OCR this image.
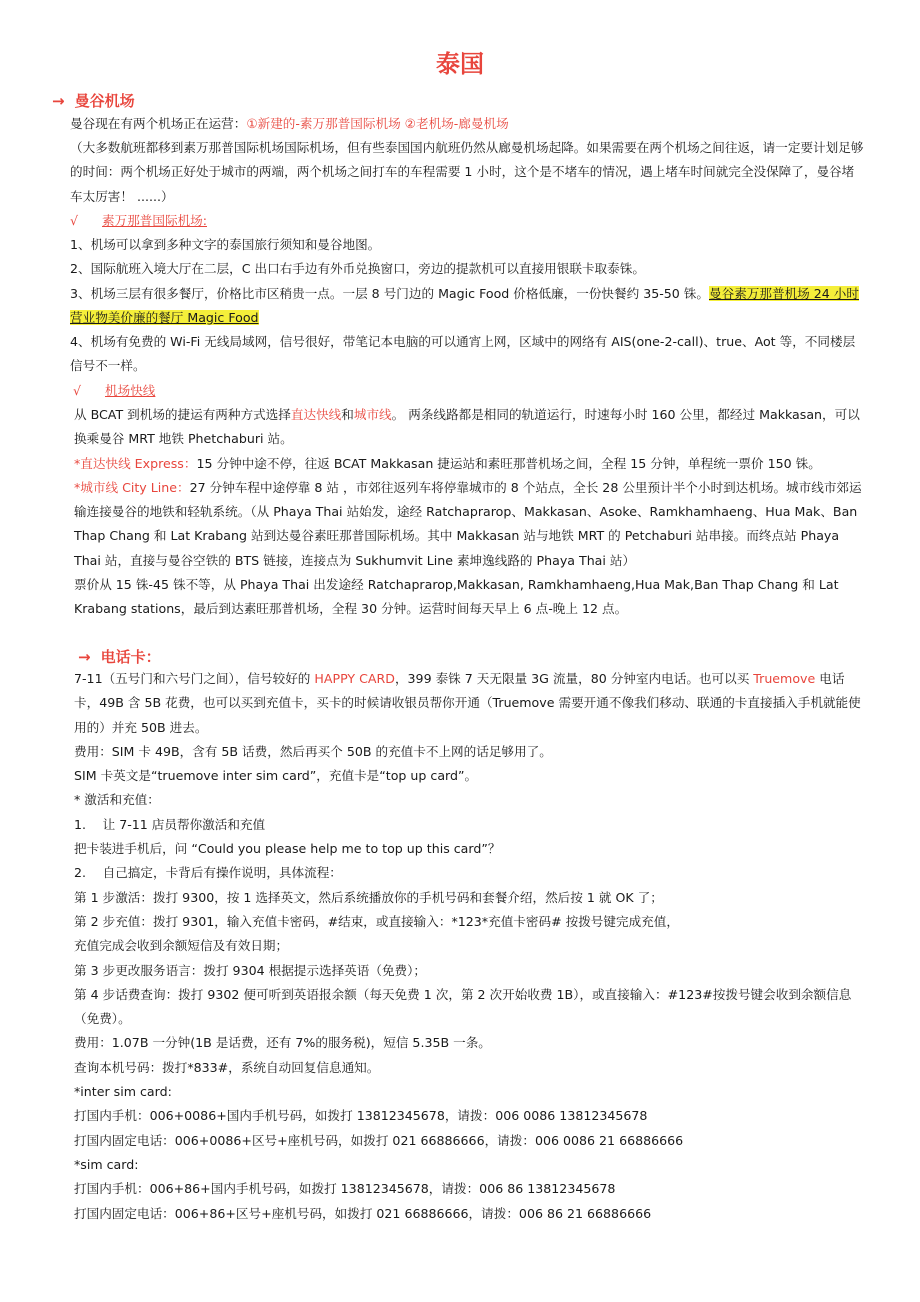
泰国
→ 曼谷机场

曼谷现在有两个机场正在运营：①新建的-素万那普国际机场 ②老机场-廊曼机场

（大多数航班都移到素万那普国际机场国际机场，但有些泰国国内航班仍然从廊曼机场起降。如果需要在两个机场之间往返，请一定要计划足够的时间：两个机场正好处于城市的两端，两个机场之间打车的车程需要 1 小时，这个是不堵车的情况，遇上堵车时间就完全没保障了，曼谷堵车太厉害！ ......）

√ 素万那普国际机场:

1、机场可以拿到多种文字的泰国旅行须知和曼谷地图。

2、国际航班入境大厅在二层，C 出口右手边有外币兑换窗口，旁边的提款机可以直接用银联卡取泰铢。

3、机场三层有很多餐厅，价格比市区稍贵一点。一层 8 号门边的 Magic Food 价格低廉，一份快餐约 35-50 铢。曼谷素万那普机场 24 小时营业物美价廉的餐厅 Magic Food

4、机场有免费的 Wi-Fi 无线局域网，信号很好，带笔记本电脑的可以通宵上网，区域中的网络有 AIS(one-2-call)、true、Aot 等，不同楼层信号不一样。

√ 机场快线

从 BCAT 到机场的捷运有两种方式选择直达快线和城市线。 两条线路都是相同的轨道运行，时速每小时 160 公里，都经过 Makkasan，可以换乘曼谷 MRT 地铁 Phetchaburi 站。

*直达快线 Express：15 分钟中途不停，往返 BCAT Makkasan 捷运站和素旺那普机场之间，全程 15 分钟，单程统一票价 150 铢。

*城市线 City Line：27 分钟车程中途停靠 8 站 ，市郊往返列车将停靠城市的 8 个站点，全长 28 公里预计半个小时到达机场。城市线市郊运输连接曼谷的地铁和轻轨系统。（从 Phaya Thai 站始发，途经 Ratchaprarop、Makkasan、Asoke、Ramkhamhaeng、Hua Mak、Ban Thap Chang 和 Lat Krabang 站到达曼谷素旺那普国际机场。其中 Makkasan 站与地铁 MRT 的 Petchaburi 站串接。而终点站 Phaya Thai 站，直接与曼谷空铁的 BTS 链接，连接点为 Sukhumvit Line 素坤逸线路的 Phaya Thai 站）

票价从 15 铢-45 铢不等，从 Phaya Thai 出发途经 Ratchaprarop,Makkasan, Ramkhamhaeng,Hua Mak,Ban Thap Chang 和 Lat Krabang stations，最后到达素旺那普机场，全程 30 分钟。运营时间每天早上 6 点-晚上 12 点。

→ 电话卡：

7-11（五号门和六号门之间），信号较好的 HAPPY CARD，399 泰铢 7 天无限量 3G 流量，80 分钟室内电话。也可以买 Truemove 电话卡，49B 含 5B 花费，也可以买到充值卡，买卡的时候请收银员帮你开通（Truemove 需要开通不像我们移动、联通的卡直接插入手机就能使用的）并充 50B 进去。

费用：SIM 卡 49B，含有 5B 话费，然后再买个 50B 的充值卡不上网的话足够用了。

SIM 卡英文是“truemove inter sim card”，充值卡是“top up card”。

* 激活和充值：

1.　 让 7-11 店员帮你激活和充值

把卡装进手机后，问 “Could you please help me to top up this card”？

2.　 自己搞定，卡背后有操作说明，具体流程：

第 1 步激活：拨打 9300，按 1 选择英文，然后系统播放你的手机号码和套餐介绍，然后按 1 就 OK 了；

第 2 步充值：拨打 9301，输入充值卡密码，#结束，或直接输入：*123*充值卡密码# 按拨号键完成充值，

充值完成会收到余额短信及有效日期；

第 3 步更改服务语言：拨打 9304 根据提示选择英语（免费）；

第 4 步话费查询：拨打 9302 便可听到英语报余额（每天免费 1 次，第 2 次开始收费 1B），或直接输入：#123#按拨号键会收到余额信息（免费）。

费用：1.07B 一分钟(1B 是话费，还有 7%的服务税)，短信 5.35B 一条。

查询本机号码：拨打*833#，系统自动回复信息通知。

*inter sim card:

打国内手机：006+0086+国内手机号码，如拨打 13812345678，请拨：006 0086 13812345678

打国内固定电话：006+0086+区号+座机号码，如拨打 021 66886666，请拨：006 0086 21 66886666

*sim card:

打国内手机：006+86+国内手机号码，如拨打 13812345678，请拨：006 86 13812345678

打国内固定电话：006+86+区号+座机号码，如拨打 021 66886666，请拨：006 86 21 66886666
